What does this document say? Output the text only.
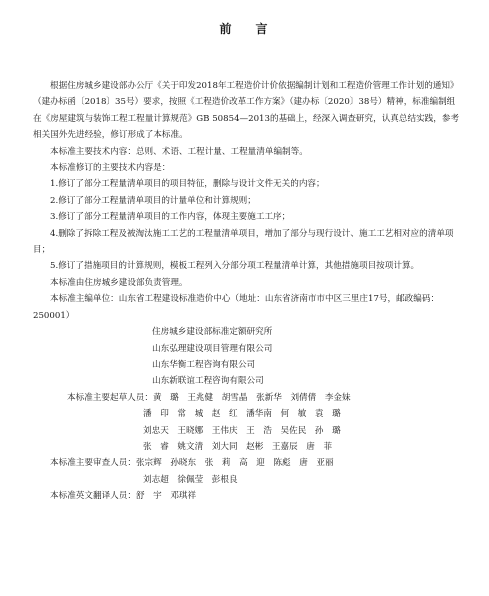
前 言

根据住房城乡建设部办公厅《关于印发2018年工程造价计价依据编制计划和工程造价管理工作计划的通知》（建办标函〔2018〕35号）要求，按照《工程造价改革工作方案》（建办标〔2020〕38号）精神，标准编制组在《房屋建筑与装饰工程工程量计算规范》GB 50854—2013的基础上，经深入调查研究，认真总结实践，参考相关国外先进经验，修订形成了本标准。

本标准主要技术内容：总则、术语、工程计量、工程量清单编制等。

本标准修订的主要技术内容是：

1.修订了部分工程量清单项目的项目特征，删除与设计文件无关的内容；

2.修订了部分工程量清单项目的计量单位和计算规则；

3.修订了部分工程量清单项目的工作内容，体现主要施工工序；

4.删除了拆除工程及被淘汰施工工艺的工程量清单项目，增加了部分与现行设计、施工工艺相对应的清单项目；

5.修订了措施项目的计算规则，模板工程列入分部分项工程量清单计算，其他措施项目按项计算。

本标准由住房城乡建设部负责管理。

本标准主编单位：山东省工程建设标准造价中心（地址：山东省济南市市中区三里庄17号，邮政编码：250001）

住房城乡建设部标准定额研究所

山东弘理建设项目管理有限公司

山东华衡工程咨询有限公司

山东新联谊工程咨询有限公司

本标准主要起草人员： 黄　璐　王兆健　胡雪晶　张新华　刘倩倩　李金妹

潘　印　常　城　赵　红　潘华南　何　敏　袁　璐

刘忠天　王晓娜　王伟庆　王　浩　吴佐民　孙　璐

张　睿　姚文清　刘大同　赵彬　王嘉辰　唐　菲

本标准主要审查人员： 张宗辉　孙晓东　张　莉　高　迎　陈彪　唐　亚丽

刘志超　徐佩莹　彭根良

本标准英文翻译人员： 舒　宇　邓琪祥
